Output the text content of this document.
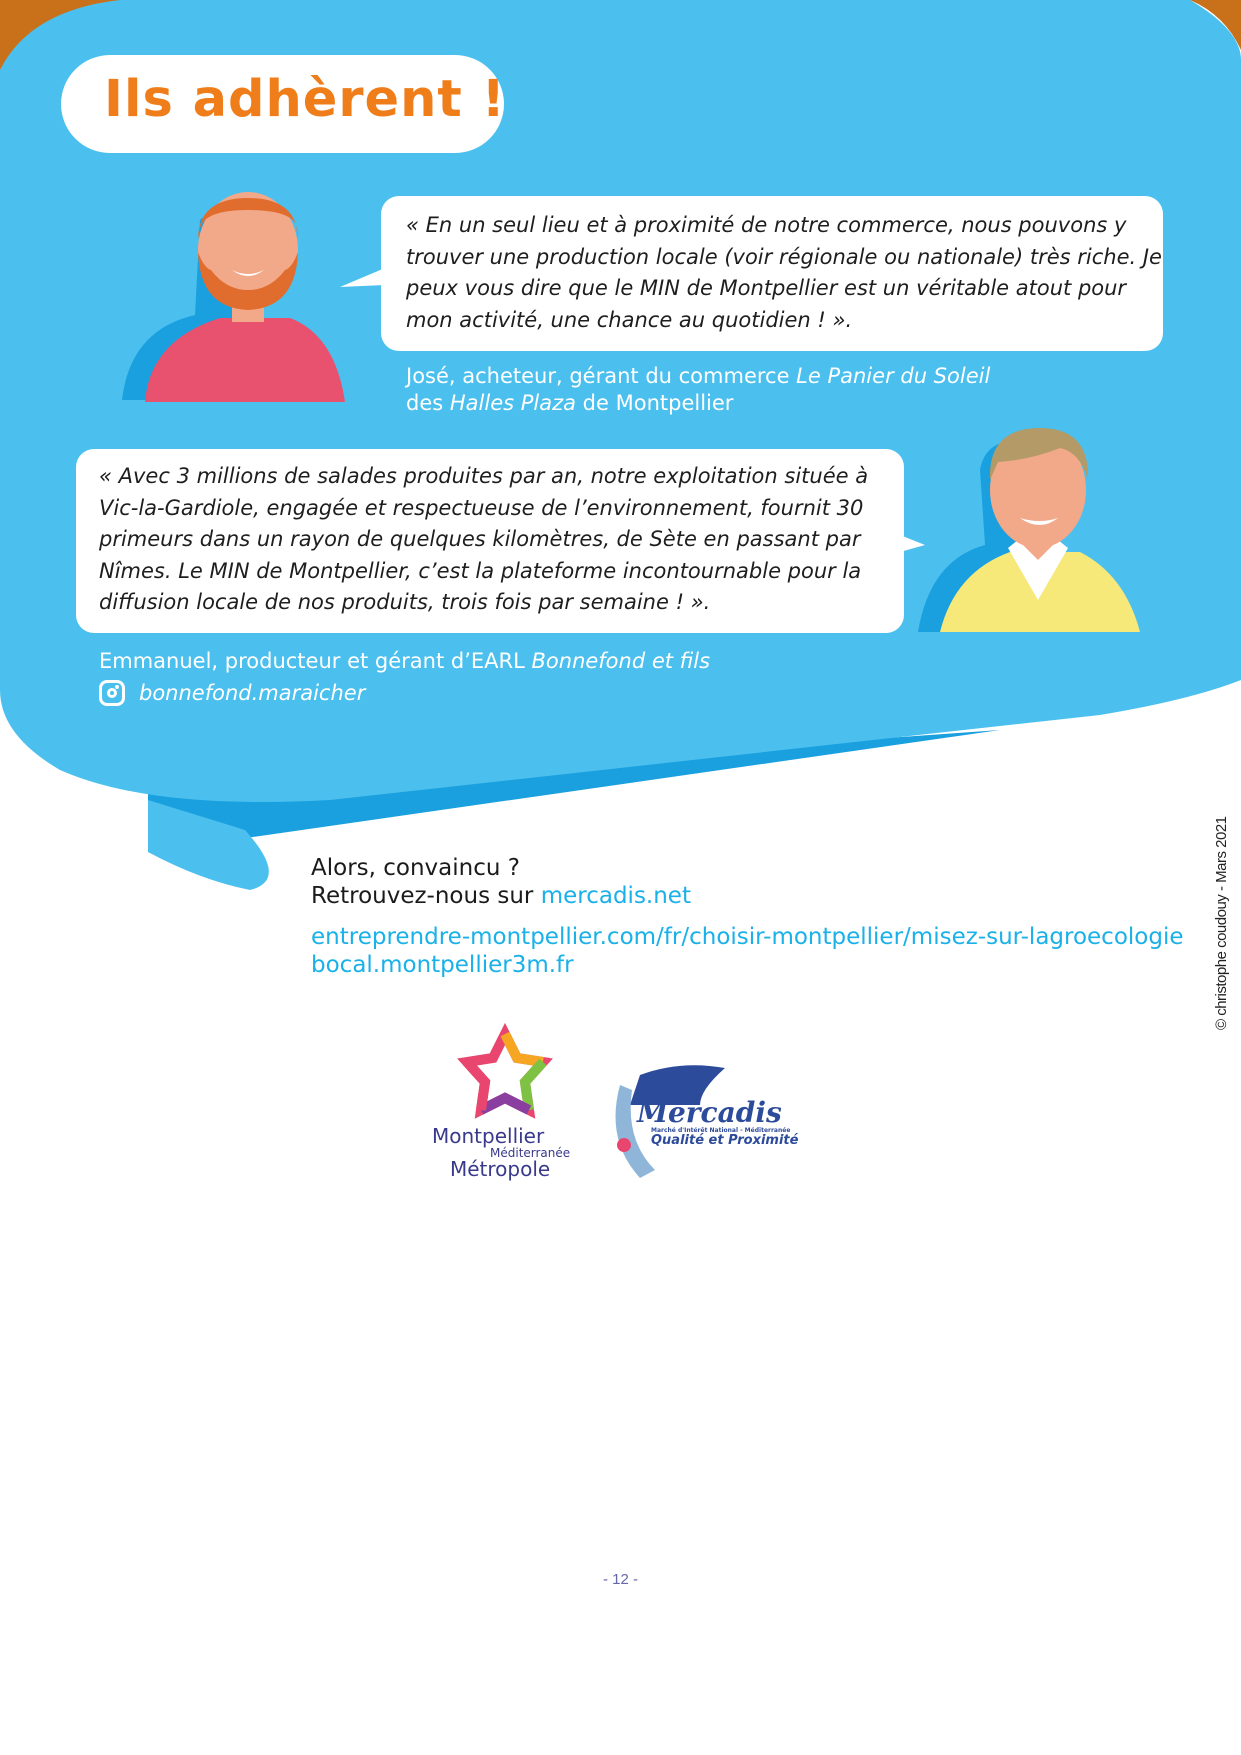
Ils adhèrent !
« En un seul lieu et à proximité de notre commerce, nous pouvons y trouver une production locale (voir régionale ou nationale) très riche. Je peux vous dire que le MIN de Montpellier est un véritable atout pour mon activité, une chance au quotidien ! ».
José, acheteur, gérant du commerce Le Panier du Soleil
des Halles Plaza de Montpellier
« Avec 3 millions de salades produites par an, notre exploitation située à Vic-la-Gardiole, engagée et respectueuse de l’environnement, fournit 30 primeurs dans un rayon de quelques kilomètres, de Sète en passant par Nîmes. Le MIN de Montpellier, c’est la plateforme incontournable pour la diffusion locale de nos produits, trois fois par semaine ! ».
Emmanuel, producteur et gérant d’EARL Bonnefond et fils
bonnefond.maraicher
Alors, convaincu ?
Retrouvez-nous sur mercadis.net
entreprendre-montpellier.com/fr/choisir-montpellier/misez-sur-lagroecologie
bocal.montpellier3m.fr	© christophe coudouy - Mars 2021
Montpellier
Méditerranée
Métropole
Mercadis
Marché d'Intérêt National - Méditerranée
Qualité et Proximité
- 12 -
